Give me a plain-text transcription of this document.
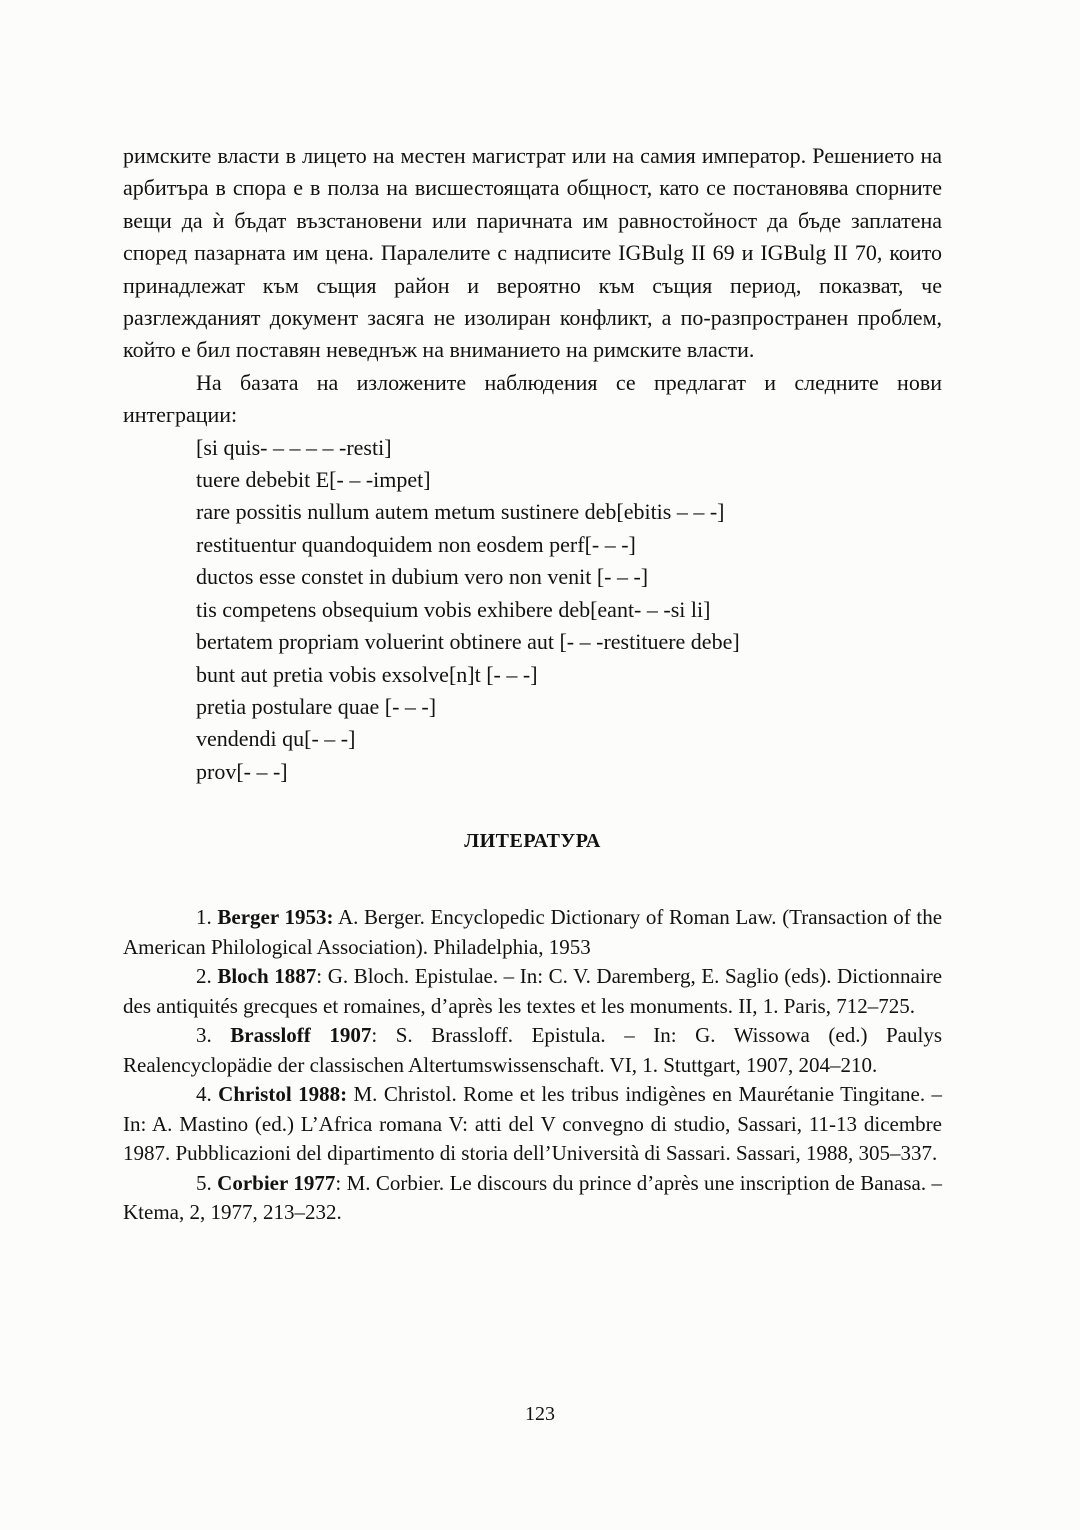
римските власти в лицето на местен магистрат или на самия император. Решението на арбитъра в спора е в полза на висшестоящата общност, като се постановява спорните вещи да ѝ бъдат възстановени или паричната им равностойност да бъде заплатена според пазарната им цена. Паралелите с надписите IGBulg II 69 и IGBulg II 70, които принадлежат към същия район и вероятно към същия период, показват, че разглежданият документ засяга не изолиран конфликт, а по-разпространен проблем, който е бил поставян неведнъж на вниманието на римските власти.

На базата на изложените наблюдения се предлагат и следните нови интеграции:

[si quis- – – – – -resti]

tuere debebit E[- – -impet]

rare possitis nullum autem metum sustinere deb[ebitis – – -]

restituentur quandoquidem non eosdem perf[- – -]

ductos esse constet in dubium vero non venit [- – -]

tis competens obsequium vobis exhibere deb[eant- – -si li]

bertatem propriam voluerint obtinere aut [- – -restituere debe]

bunt aut pretia vobis exsolve[n]t [- – -]

pretia postulare quae [- – -]

vendendi qu[- – -]

prov[- – -]

ЛИТЕРАТУРА

1. Berger 1953: A. Berger. Encyclopedic Dictionary of Roman Law. (Transaction of the American Philological Association). Philadelphia, 1953

2. Bloch 1887: G. Bloch. Epistulae. – In: C. V. Daremberg, E. Saglio (eds). Dictionnaire des antiquités grecques et romaines, d’après les textes et les monuments. II, 1. Paris, 712–725.

3. Brassloff 1907: S. Brassloff. Epistula. – In: G. Wissowa (ed.) Paulys Realencyclopädie der classischen Altertumswissenschaft. VI, 1. Stuttgart, 1907, 204–210.

4. Christol 1988: M. Christol. Rome et les tribus indigènes en Maurétanie Tingitane. – In: A. Mastino (ed.) L’Africa romana V: atti del V convegno di studio, Sassari, 11-13 dicembre 1987. Pubblicazioni del dipartimento di storia dell’Università di Sassari. Sassari, 1988, 305–337.

5. Corbier 1977: M. Corbier. Le discours du prince d’après une inscription de Banasa. – Ktema, 2, 1977, 213–232.

123
